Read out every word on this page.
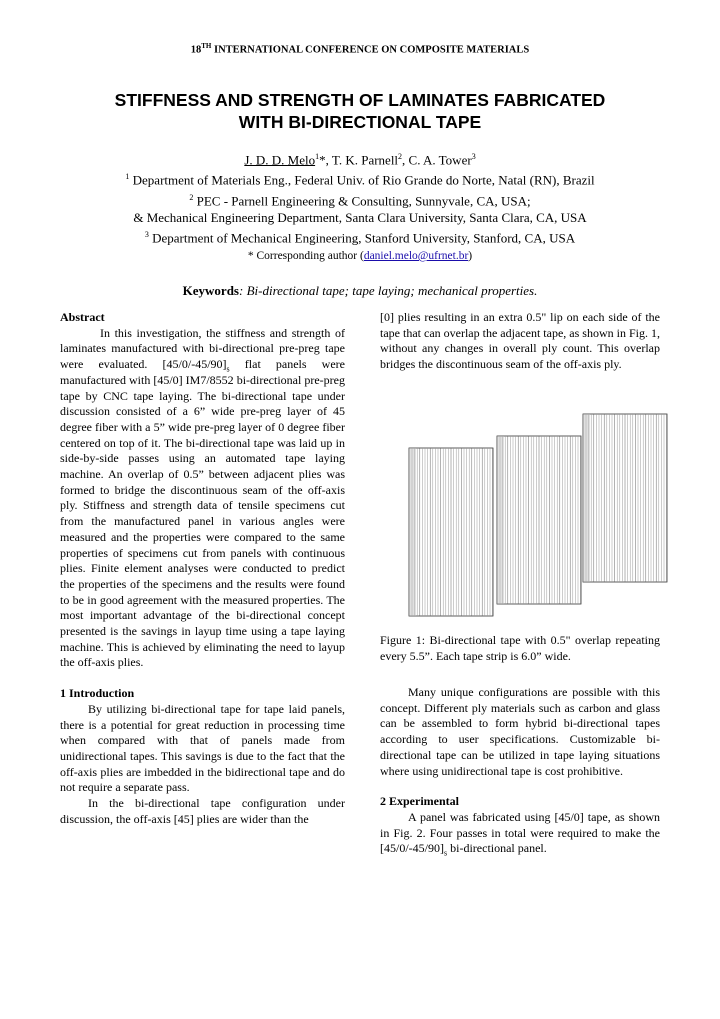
18TH INTERNATIONAL CONFERENCE ON COMPOSITE MATERIALS
STIFFNESS AND STRENGTH OF LAMINATES FABRICATED
WITH BI-DIRECTIONAL TAPE
J. D. D. Melo$^1$*, T. K. Parnell$^2$, C. A. Tower$^3$
$^1$ Department of Materials Eng., Federal Univ. of Rio Grande do Norte, Natal (RN), Brazil
$^2$ PEC - Parnell Engineering & Consulting, Sunnyvale, CA, USA;
& Mechanical Engineering Department, Santa Clara University, Santa Clara, CA, USA
$^3$ Department of Mechanical Engineering, Stanford University, Stanford, CA, USA
* Corresponding author (daniel.melo@ufrnet.br)
Keywords: Bi-directional tape; tape laying; mechanical properties.

Abstract

In this investigation, the stiffness and strength of laminates manufactured with bi-directional pre-preg tape were evaluated. $[45/0/-45/90]_s$ flat panels were manufactured with [45/0] IM7/8552 bi-directional pre-preg tape by CNC tape laying. The bi-directional tape under discussion consisted of a 6” wide pre-preg layer of 45 degree fiber with a 5” wide pre-preg layer of 0 degree fiber centered on top of it. The bi-directional tape was laid up in side-by-side passes using an automated tape laying machine. An overlap of 0.5” between adjacent plies was formed to bridge the discontinuous seam of the off-axis ply. Stiffness and strength data of tensile specimens cut from the manufactured panel in various angles were measured and the properties were compared to the same properties of specimens cut from panels with continuous plies. Finite element analyses were conducted to predict the properties of the specimens and the results were found to be in good agreement with the measured properties. The most important advantage of the bi-directional concept presented is the savings in layup time using a tape laying machine. This is achieved by eliminating the need to layup the off-axis plies.

1 Introduction

By utilizing bi-directional tape for tape laid panels, there is a potential for great reduction in processing time when compared with that of panels made from unidirectional tapes. This savings is due to the fact that the off-axis plies are imbedded in the bidirectional tape and do not require a separate pass.

In the bi-directional tape configuration under discussion, the off-axis [45] plies are wider than the

[0] plies resulting in an extra 0.5" lip on each side of the tape that can overlap the adjacent tape, as shown in Fig. 1, without any changes in overall ply count. This overlap bridges the discontinuous seam of the off-axis ply.

Figure 1: Bi-directional tape with 0.5" overlap repeating every 5.5”. Each tape strip is 6.0” wide.

Many unique configurations are possible with this concept. Different ply materials such as carbon and glass can be assembled to form hybrid bi-directional tapes according to user specifications. Customizable bi-directional tape can be utilized in tape laying situations where using unidirectional tape is cost prohibitive.

2 Experimental

A panel was fabricated using [45/0] tape, as shown in Fig. 2. Four passes in total were required to make the $[45/0/-45/90]_s$ bi-directional panel.
